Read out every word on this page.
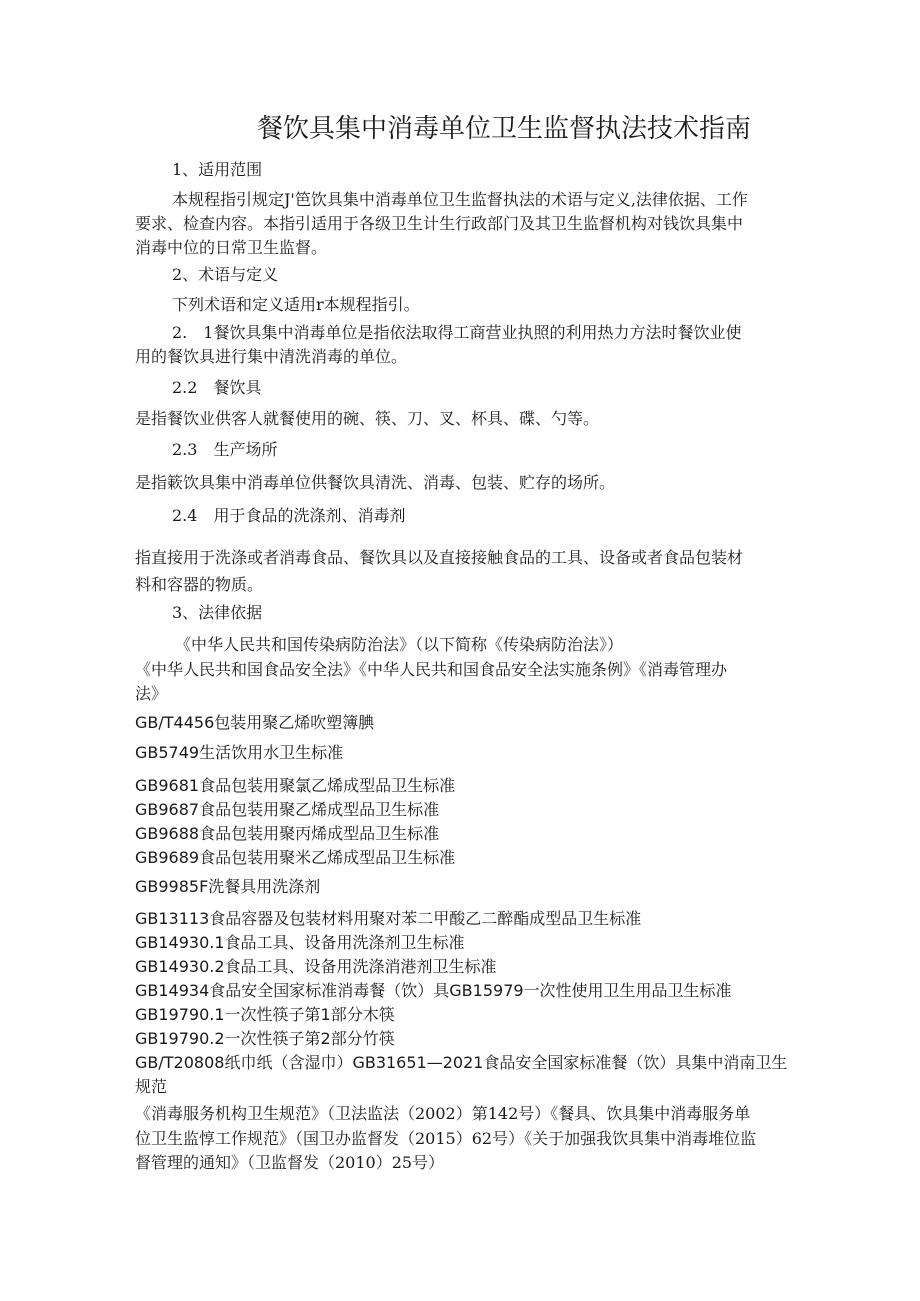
餐饮具集中消毒单位卫生监督执法技术指南

1、适用范围

本规程指引规定J'笆饮具集中消毒单位卫生监督执法的术语与定义,法律依据、工作

要求、检查内容。本指引适用于各级卫生计生行政部门及其卫生监督机构对钱饮具集中

消毒中位的日常卫生监督。

2、术语与定义

下列术语和定义适用r本规程指引。

2.　1餐饮具集中消毒单位是指依法取得工商营业执照的利用热力方法时餐饮业使

用的餐饮具进行集中清洗消毒的单位。

2.2　餐饮具

是指餐饮业供客人就餐使用的碗、筷、刀、叉、杯具、碟、勺等。

2.3　生产场所

是指簌饮具集中消毒单位供餐饮具清洗、消毒、包装、贮存的场所。

2.4　用于食品的洗涤剂、消毒剂

指直接用于洗涤或者消毒食品、餐饮具以及直接接触食品的工具、设备或者食品包装材

料和容器的物质。

3、法律依据

《中华人民共和国传染病防治法》（以下简称《传染病防治法》）

《中华人民共和国食品安全法》《中华人民共和国食品安全法实施条例》《消毒管理办

法》

GB/T4456包装用聚乙烯吹塑簿腆

GB5749生活饮用水卫生标准

GB9681食品包装用聚氯乙烯成型品卫生标准

GB9687食品包装用聚乙烯成型品卫生标准

GB9688食品包装用聚丙烯成型品卫生标准

GB9689食品包装用聚米乙烯成型品卫生标准

GB9985F洗餐具用洗涤剂

GB13113食品容器及包装材料用聚对苯二甲酸乙二醉酯成型品卫生标准

GB14930.1食品工具、设备用洗涤剂卫生标准

GB14930.2食品工具、设备用洗涤消港剂卫生标准

GB14934食品安全国家标准消毒餐（饮）具GB15979一次性使用卫生用品卫生标准

GB19790.1一次性筷子第1部分木筷

GB19790.2一次性筷子第2部分竹筷

GB/T20808纸巾纸（含湿巾）GB31651—2021食品安全国家标准餐（饮）具集中消南卫生

规范

《消毒服务机构卫生规范》（卫法监法（2002）第142号）《餐具、饮具集中消毒服务单

位卫生监惇工作规范》（国卫办监督发（2015）62号）《关于加强我饮具集中消毒堆位监

督管理的通知》（卫监督发（2010）25号）
